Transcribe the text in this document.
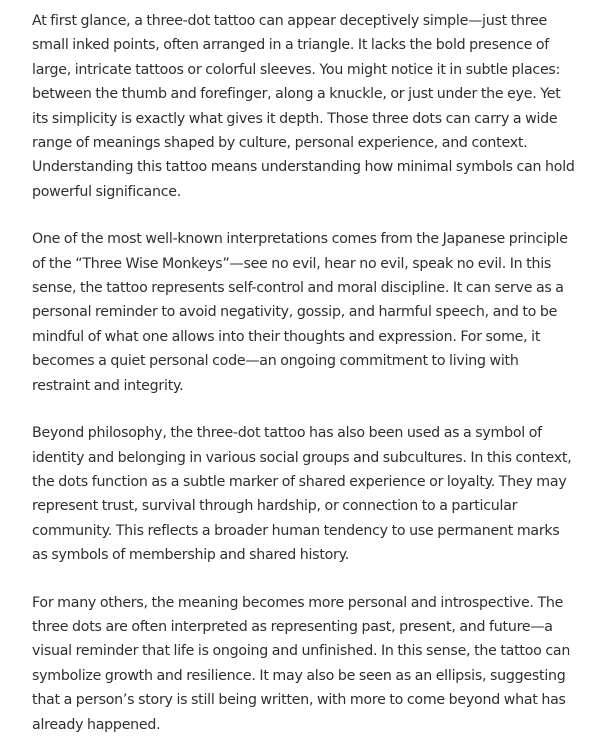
At first glance, a three-dot tattoo can appear deceptively simple—just three small inked points, often arranged in a triangle. It lacks the bold presence of large, intricate tattoos or colorful sleeves. You might notice it in subtle places: between the thumb and forefinger, along a knuckle, or just under the eye. Yet its simplicity is exactly what gives it depth. Those three dots can carry a wide range of meanings shaped by culture, personal experience, and context. Understanding this tattoo means understanding how minimal symbols can hold powerful significance.

One of the most well-known interpretations comes from the Japanese principle of the “Three Wise Monkeys”—see no evil, hear no evil, speak no evil. In this sense, the tattoo represents self-control and moral discipline. It can serve as a personal reminder to avoid negativity, gossip, and harmful speech, and to be mindful of what one allows into their thoughts and expression. For some, it becomes a quiet personal code—an ongoing commitment to living with restraint and integrity.

Beyond philosophy, the three-dot tattoo has also been used as a symbol of identity and belonging in various social groups and subcultures. In this context, the dots function as a subtle marker of shared experience or loyalty. They may represent trust, survival through hardship, or connection to a particular community. This reflects a broader human tendency to use permanent marks as symbols of membership and shared history.

For many others, the meaning becomes more personal and introspective. The three dots are often interpreted as representing past, present, and future—a visual reminder that life is ongoing and unfinished. In this sense, the tattoo can symbolize growth and resilience. It may also be seen as an ellipsis, suggesting that a person’s story is still being written, with more to come beyond what has already happened.
